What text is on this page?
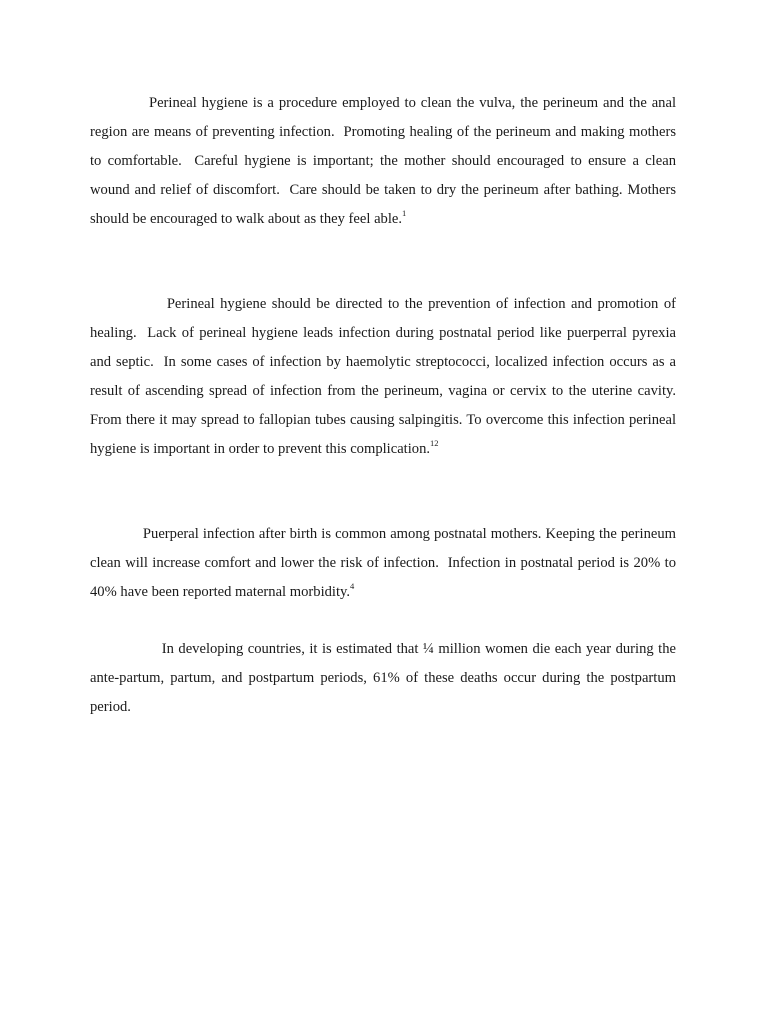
Perineal hygiene is a procedure employed to clean the vulva, the perineum and the anal region are means of preventing infection.  Promoting healing of the perineum and making mothers to comfortable.  Careful hygiene is important; the mother should encouraged to ensure a clean wound and relief of discomfort.  Care should be taken to dry the perineum after bathing. Mothers should be encouraged to walk about as they feel able.$^1$

Perineal hygiene should be directed to the prevention of infection and promotion of healing.  Lack of perineal hygiene leads infection during postnatal period like puerperral pyrexia and septic.  In some cases of infection by haemolytic streptococci, localized infection occurs as a result of ascending spread of infection from the perineum, vagina or cervix to the uterine cavity.  From there it may spread to fallopian tubes causing salpingitis. To overcome this infection perineal hygiene is important in order to prevent this complication.$^{12}$

Puerperal infection after birth is common among postnatal mothers. Keeping the perineum clean will increase comfort and lower the risk of infection.  Infection in postnatal period is 20% to 40% have been reported maternal morbidity.$^4$

In developing countries, it is estimated that ¼ million women die each year during the ante-partum, partum, and postpartum periods, 61% of these deaths occur during the postpartum period.
